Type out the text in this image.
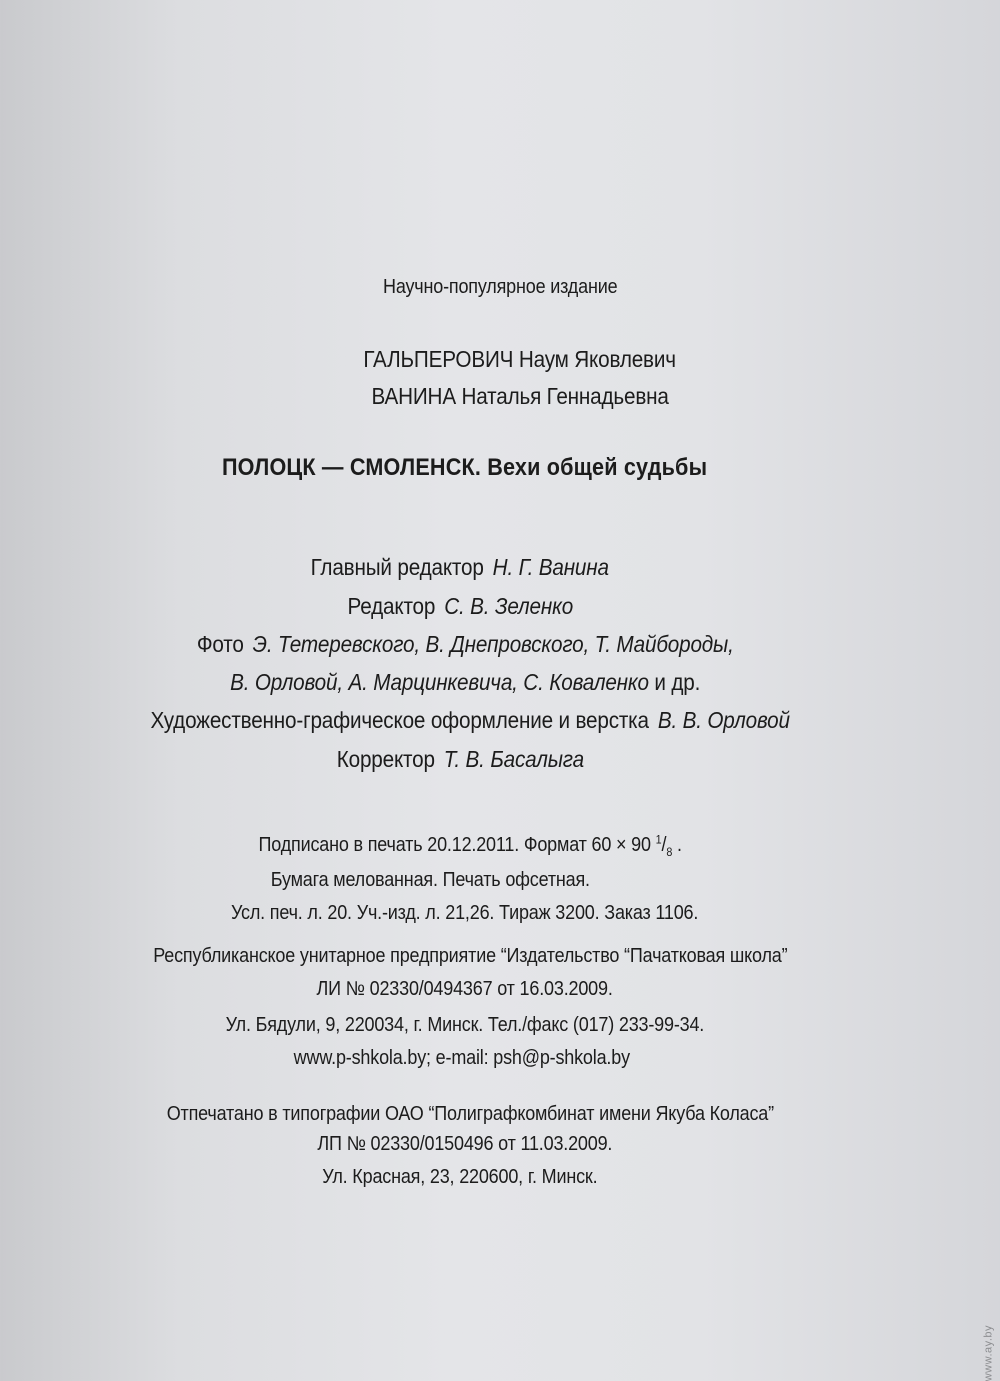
Научно-популярное издание
ГАЛЬПЕРОВИЧ Наум Яковлевич
ВАНИНА Наталья Геннадьевна
ПОЛОЦК — СМОЛЕНСК. Вехи общей судьбы
Главный редактор Н. Г. Ванина
Редактор С. В. Зеленко
Фото Э. Тетеревского, В. Днепровского, Т. Майбороды,
В. Орловой, А. Марцинкевича, С. Коваленко и др.
Художественно-графическое оформление и верстка В. В. Орловой
Корректор Т. В. Басалыга
Подписано в печать 20.12.2011. Формат 60 × 90 $^1/_8$ .
Бумага мелованная. Печать офсетная.
Усл. печ. л. 20. Уч.-изд. л. 21,26. Тираж 3200. Заказ 1106.
Республиканское унитарное предприятие “Издательство “Пачатковая школа”
ЛИ № 02330/0494367 от 16.03.2009.
Ул. Бядули, 9, 220034, г. Минск. Тел./факс (017) 233-99-34.
www.p-shkola.by; e-mail: psh@p-shkola.by
Отпечатано в типографии ОАО “Полиграфкомбинат имени Якуба Коласа”
ЛП № 02330/0150496 от 11.03.2009.
Ул. Красная, 23, 220600, г. Минск.
www.ay.by
